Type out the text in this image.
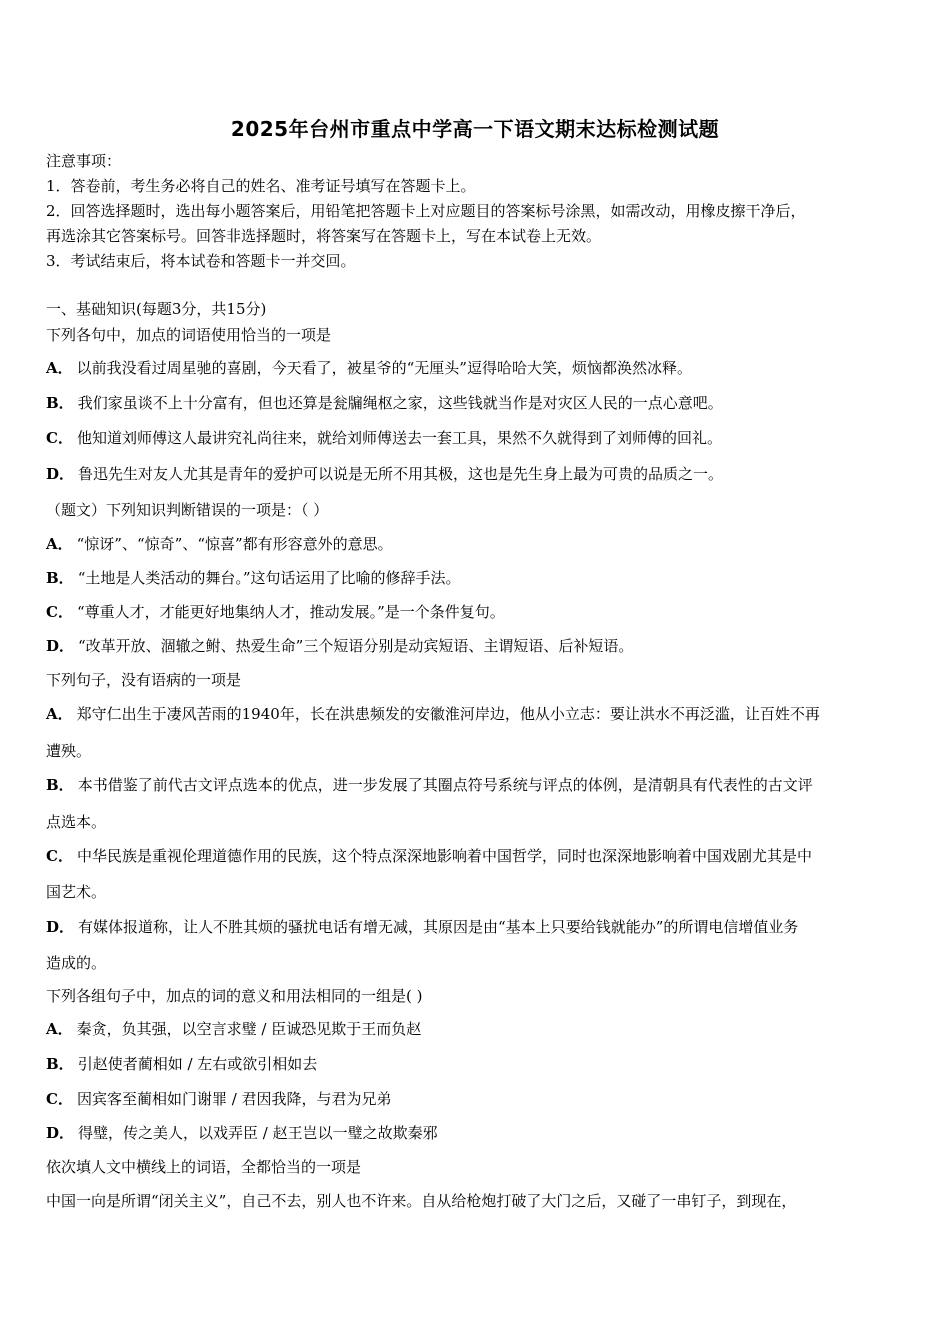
2025年台州市重点中学高一下语文期末达标检测试题
注意事项：
1．答卷前，考生务必将自己的姓名、准考证号填写在答题卡上。
2．回答选择题时，选出每小题答案后，用铅笔把答题卡上对应题目的答案标号涂黑，如需改动，用橡皮擦干净后，
再选涂其它答案标号。回答非选择题时，将答案写在答题卡上，写在本试卷上无效。
3．考试结束后，将本试卷和答题卡一并交回。
一、基础知识(每题3分，共15分)
下列各句中，加点的词语使用恰当的一项是
A． 以前我没看过周星驰的喜剧，今天看了，被星爷的“无厘头”逗得哈哈大笑，烦恼都涣然冰释。
B． 我们家虽谈不上十分富有，但也还算是瓮牖绳枢之家，这些钱就当作是对灾区人民的一点心意吧。
C． 他知道刘师傅这人最讲究礼尚往来，就给刘师傅送去一套工具，果然不久就得到了刘师傅的回礼。
D． 鲁迅先生对友人尤其是青年的爱护可以说是无所不用其极，这也是先生身上最为可贵的品质之一。
（题文）下列知识判断错误的一项是：（ ）
A． “惊讶”、“惊奇”、“惊喜”都有形容意外的意思。
B． “土地是人类活动的舞台。”这句话运用了比喻的修辞手法。
C． “尊重人才，才能更好地集纳人才，推动发展。”是一个条件复句。
D． “改革开放、涸辙之鲋、热爱生命”三个短语分别是动宾短语、主谓短语、后补短语。
下列句子，没有语病的一项是
A． 郑守仁出生于凄风苦雨的1940年，长在洪患频发的安徽淮河岸边，他从小立志：要让洪水不再泛滥，让百姓不再
遭殃。
B． 本书借鉴了前代古文评点选本的优点，进一步发展了其圈点符号系统与评点的体例，是清朝具有代表性的古文评
点选本。
C． 中华民族是重视伦理道德作用的民族，这个特点深深地影响着中国哲学，同时也深深地影响着中国戏剧尤其是中
国艺术。
D． 有媒体报道称，让人不胜其烦的骚扰电话有增无减，其原因是由“基本上只要给钱就能办”的所谓电信增值业务
造成的。
下列各组句子中，加点的词的意义和用法相同的一组是( )
A． 秦贪，负其强，以空言求璧 / 臣诚恐见欺于王而负赵
B． 引赵使者蔺相如 / 左右或欲引相如去
C． 因宾客至蔺相如门谢罪 / 君因我降，与君为兄弟
D． 得璧，传之美人，以戏弄臣 / 赵王岂以一璧之故欺秦邪
依次填人文中横线上的词语，全都恰当的一项是
中国一向是所谓“闭关主义”，自己不去，别人也不许来。自从给枪炮打破了大门之后，又碰了一串钉子，到现在，
